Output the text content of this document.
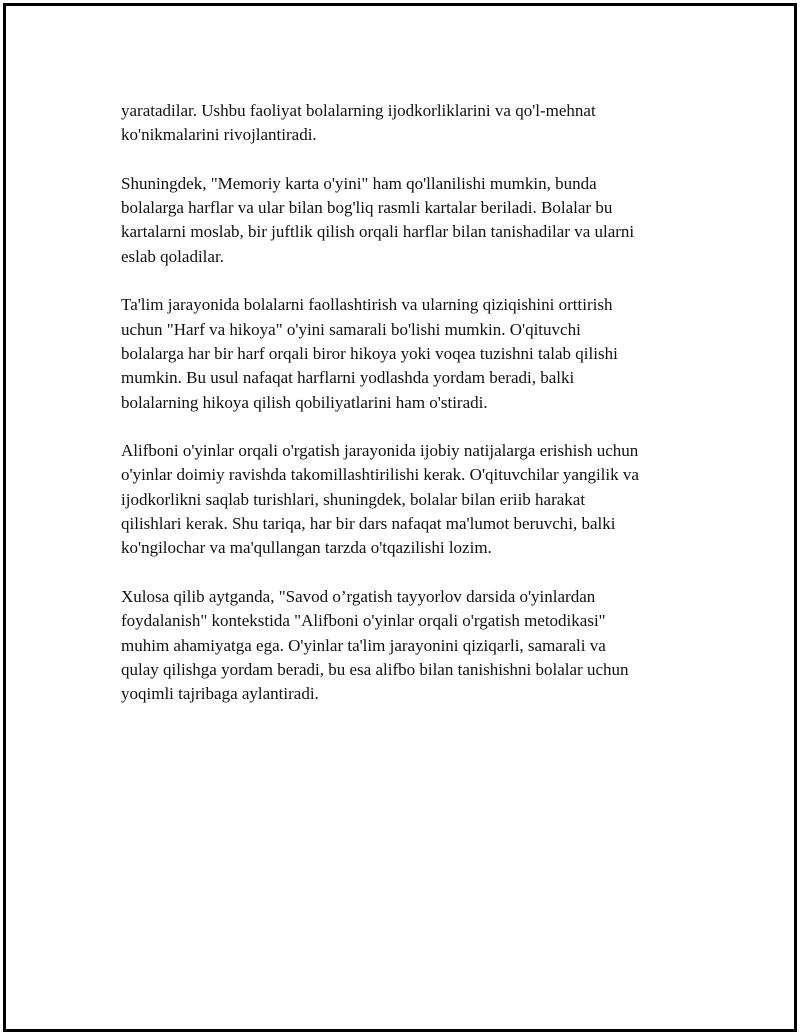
yaratadilar. Ushbu faoliyat bolalarning ijodkorliklarini va qo'l-mehnat
ko'nikmalarini rivojlantiradi.

Shuningdek, "Memoriy karta o'yini" ham qo'llanilishi mumkin, bunda
bolalarga harflar va ular bilan bog'liq rasmli kartalar beriladi. Bolalar bu
kartalarni moslab, bir juftlik qilish orqali harflar bilan tanishadilar va ularni
eslab qoladilar.

Ta'lim jarayonida bolalarni faollashtirish va ularning qiziqishini orttirish
uchun "Harf va hikoya" o'yini samarali bo'lishi mumkin. O'qituvchi
bolalarga har bir harf orqali biror hikoya yoki voqea tuzishni talab qilishi
mumkin. Bu usul nafaqat harflarni yodlashda yordam beradi, balki
bolalarning hikoya qilish qobiliyatlarini ham o'stiradi.

Alifboni o'yinlar orqali o'rgatish jarayonida ijobiy natijalarga erishish uchun
o'yinlar doimiy ravishda takomillashtirilishi kerak. O'qituvchilar yangilik va
ijodkorlikni saqlab turishlari, shuningdek, bolalar bilan eriib harakat
qilishlari kerak. Shu tariqa, har bir dars nafaqat ma'lumot beruvchi, balki
ko'ngilochar va ma'qullangan tarzda o'tqazilishi lozim.

Xulosa qilib aytganda, "Savod o’rgatish tayyorlov darsida o'yinlardan
foydalanish" kontekstida "Alifboni o'yinlar orqali o'rgatish metodikasi"
muhim ahamiyatga ega. O'yinlar ta'lim jarayonini qiziqarli, samarali va
qulay qilishga yordam beradi, bu esa alifbo bilan tanishishni bolalar uchun
yoqimli tajribaga aylantiradi.
